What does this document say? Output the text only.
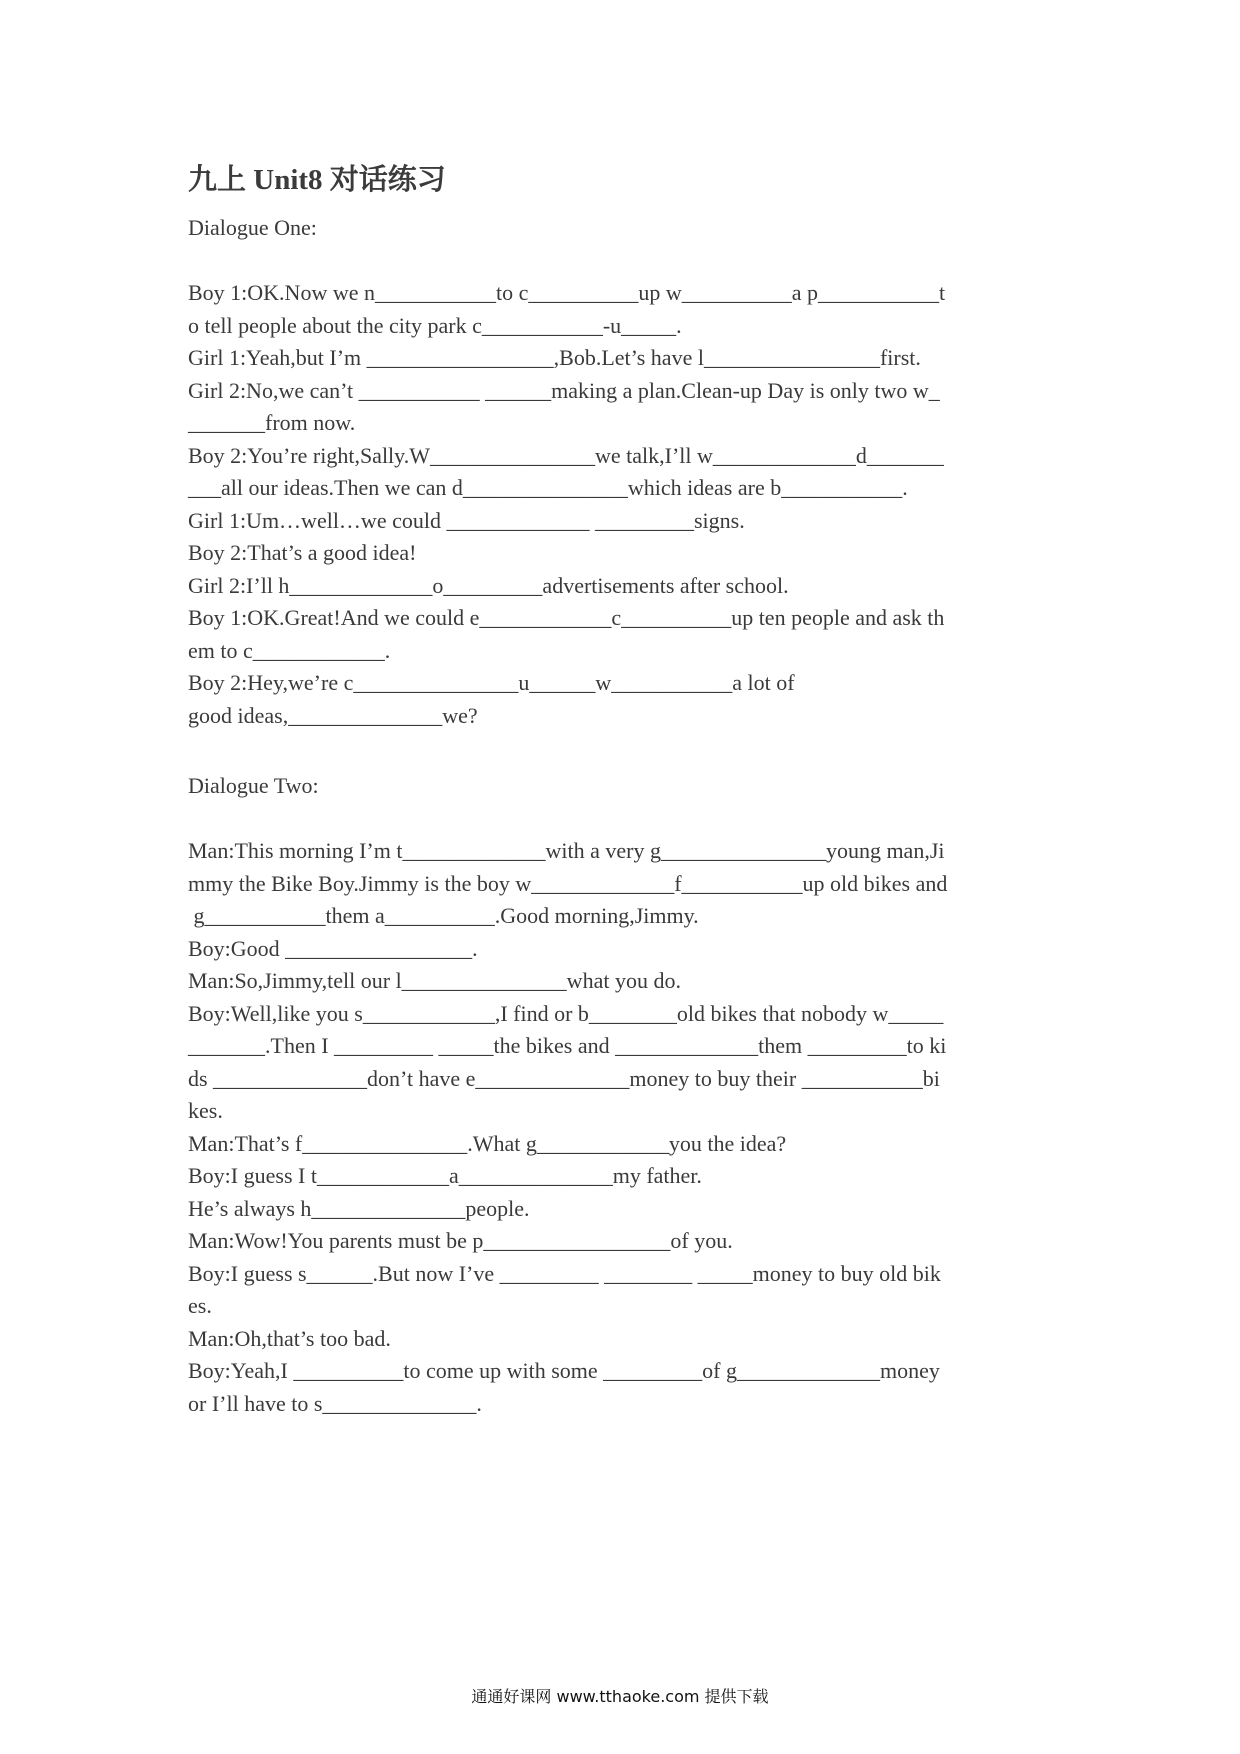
九上 Unit8 对话练习
Dialogue One:
Boy 1:OK.Now we n___________to c__________up w__________a p___________t
o tell people about the city park c___________-u_____.
Girl 1:Yeah,but I’m _________________,Bob.Let’s have l________________first.
Girl 2:No,we can’t ___________ ______making a plan.Clean-up Day is only two w_
_______from now.
Boy 2:You’re right,Sally.W_______________we talk,I’ll w_____________d_______
___all our ideas.Then we can d_______________which ideas are b___________.
Girl 1:Um…well…we could _____________ _________signs.
Boy 2:That’s a good idea!
Girl 2:I’ll h_____________o_________advertisements after school.
Boy 1:OK.Great!And we could e____________c__________up ten people and ask th
em to c____________.
Boy 2:Hey,we’re c_______________u______w___________a lot of
good ideas,______________we?
Dialogue Two:
Man:This morning I’m t_____________with a very g_______________young man,Ji
mmy the Bike Boy.Jimmy is the boy w_____________f___________up old bikes and
g___________them a__________.Good morning,Jimmy.
Boy:Good _________________.
Man:So,Jimmy,tell our l_______________what you do.
Boy:Well,like you s____________,I find or b________old bikes that nobody w_____
_______.Then I _________ _____the bikes and _____________them _________to ki
ds ______________don’t have e______________money to buy their ___________bi
kes.
Man:That’s f_______________.What g____________you the idea?
Boy:I guess I t____________a______________my father.
He’s always h______________people.
Man:Wow!You parents must be p_________________of you.
Boy:I guess s______.But now I’ve _________ ________ _____money to buy old bik
es.
Man:Oh,that’s too bad.
Boy:Yeah,I __________to come up with some _________of g_____________money
or I’ll have to s______________.
通通好课网 www.tthaoke.com 提供下载
